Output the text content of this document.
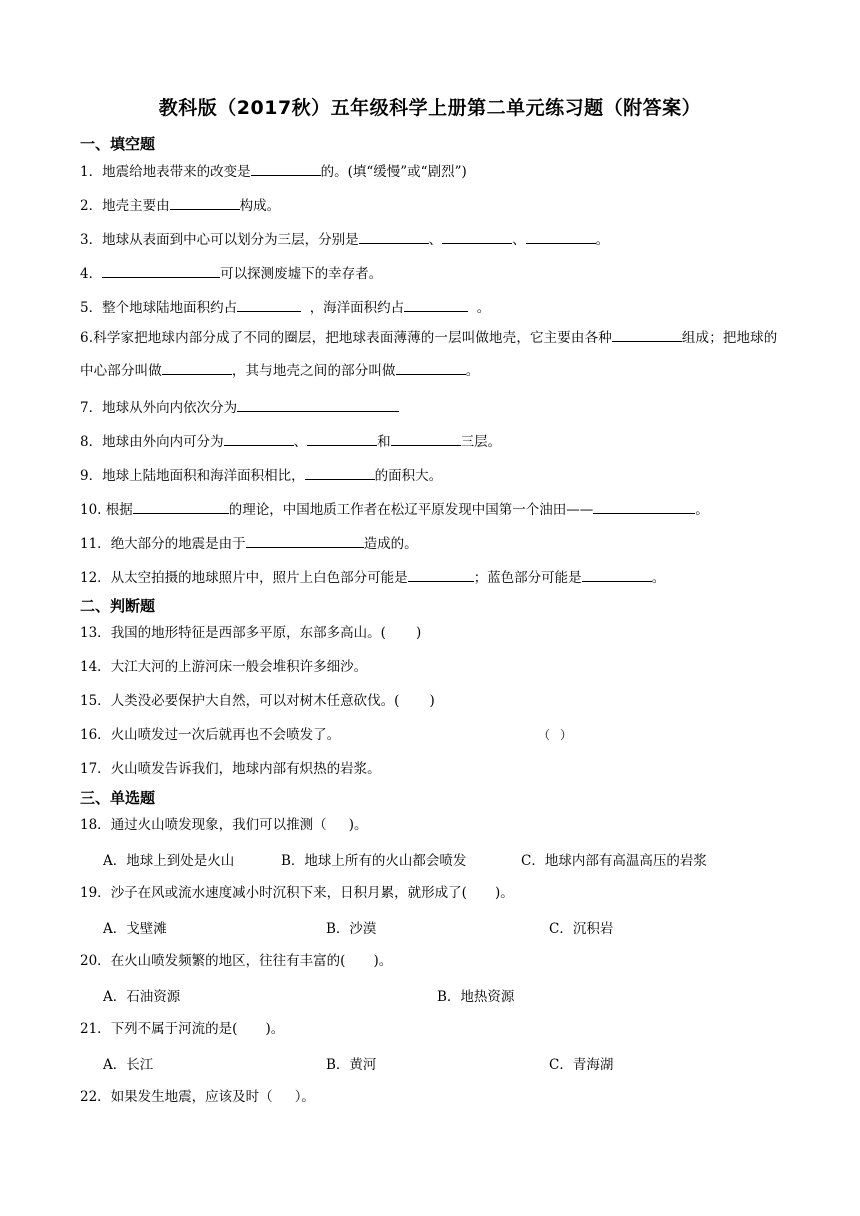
教科版（2017秋）五年级科学上册第二单元练习题（附答案）
一、填空题
1．地震给地表带来的改变是	的。(填“缓慢”或“剧烈”)
2．地壳主要由	构成。
3．地球从表面到中心可以划分为三层，分别是	、	、	。
4．	可以探测废墟下的幸存者。
5．整个地球陆地面积约占	，海洋面积约占	。
6.科学家把地球内部分成了不同的圈层，把地球表面薄薄的一层叫做地壳，它主要由各种	组成；把地球的中心部分叫做	，其与地壳之间的部分叫做	。
7．地球从外向内依次分为
8．地球由外向内可分为	、	和	三层。
9．地球上陆地面积和海洋面积相比，	的面积大。
10. 根据	的理论，中国地质工作者在松辽平原发现中国第一个油田——	。
11．绝大部分的地震是由于	造成的。
12．从太空拍摄的地球照片中，照片上白色部分可能是	；蓝色部分可能是	。
二、判断题
13．我国的地形特征是西部多平原，东部多高山。( )
14．大江大河的上游河床一般会堆积许多细沙。
15．人类没必要保护大自然，可以对树木任意砍伐。( )
16．火山喷发过一次后就再也不会喷发了。	（ ）
17．火山喷发告诉我们，地球内部有炽热的岩浆。
三、单选题
18．通过火山喷发现象，我们可以推测（ )。
A．地球上到处是火山	B．地球上所有的火山都会喷发	C．地球内部有高温高压的岩浆
19．沙子在风或流水速度减小时沉积下来，日积月累，就形成了( )。
A．戈壁滩	B．沙漠	C．沉积岩
20．在火山喷发频繁的地区，往往有丰富的( )。
A．石油资源	B．地热资源
21．下列不属于河流的是( )。
A．长江	B．黄河	C．青海湖
22．如果发生地震，应该及时（ ）。
